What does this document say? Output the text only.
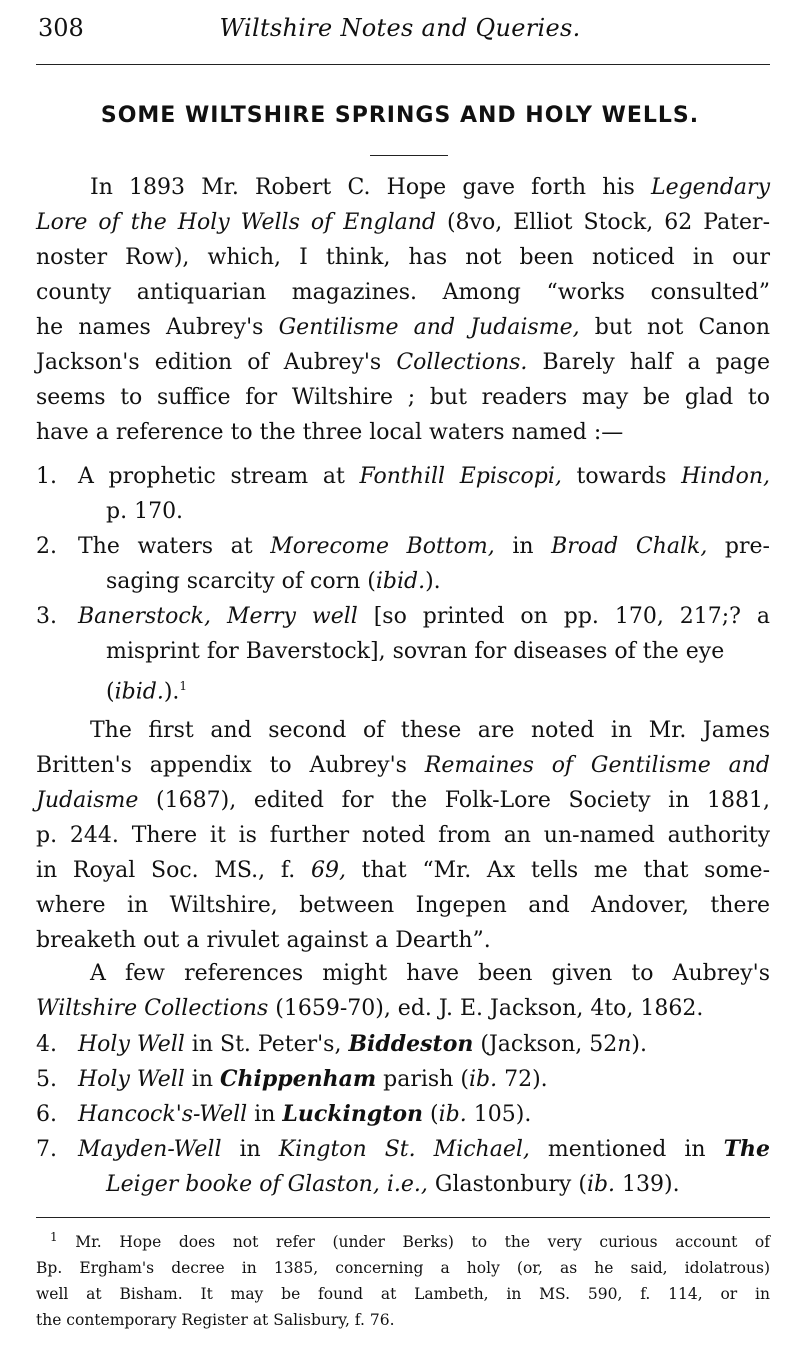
308	Wiltshire Notes and Queries.
SOME WILTSHIRE SPRINGS AND HOLY WELLS.
In 1893 Mr. Robert C. Hope gave forth his Legendary
Lore of the Holy Wells of England (8vo, Elliot Stock, 62 Pater-
noster Row), which, I think, has not been noticed in our
county antiquarian magazines. Among “works consulted”
he names Aubrey's Gentilisme and Judaisme, but not Canon
Jackson's edition of Aubrey's Collections. Barely half a page
seems to suffice for Wiltshire ; but readers may be glad to
have a reference to the three local waters named :—
1. A prophetic stream at Fonthill Episcopi, towards Hindon,
p. 170.
2. The waters at Morecome Bottom, in Broad Chalk, pre-
saging scarcity of corn (ibid.).
3. Banerstock, Merry well [so printed on pp. 170, 217;? a
misprint for Baverstock], sovran for diseases of the eye
(ibid.).$^1$
The first and second of these are noted in Mr. James
Britten's appendix to Aubrey's Remaines of Gentilisme and
Judaisme (1687), edited for the Folk-Lore Society in 1881,
p. 244. There it is further noted from an un-named authority
in Royal Soc. MS., f. 69, that “Mr. Ax tells me that some-
where in Wiltshire, between Ingepen and Andover, there
breaketh out a rivulet against a Dearth”.
A few references might have been given to Aubrey's
Wiltshire Collections (1659-70), ed. J. E. Jackson, 4to, 1862.
4. Holy Well in St. Peter's, Biddeston (Jackson, 52n).
5. Holy Well in Chippenham parish (ib. 72).
6. Hancock's-Well in Luckington (ib. 105).
7. Mayden-Well in Kington St. Michael, mentioned in The
Leiger booke of Glaston, i.e., Glastonbury (ib. 139).
$^1$ Mr. Hope does not refer (under Berks) to the very curious account of
Bp. Ergham's decree in 1385, concerning a holy (or, as he said, idolatrous)
well at Bisham. It may be found at Lambeth, in MS. 590, f. 114, or in
the contemporary Register at Salisbury, f. 76.
